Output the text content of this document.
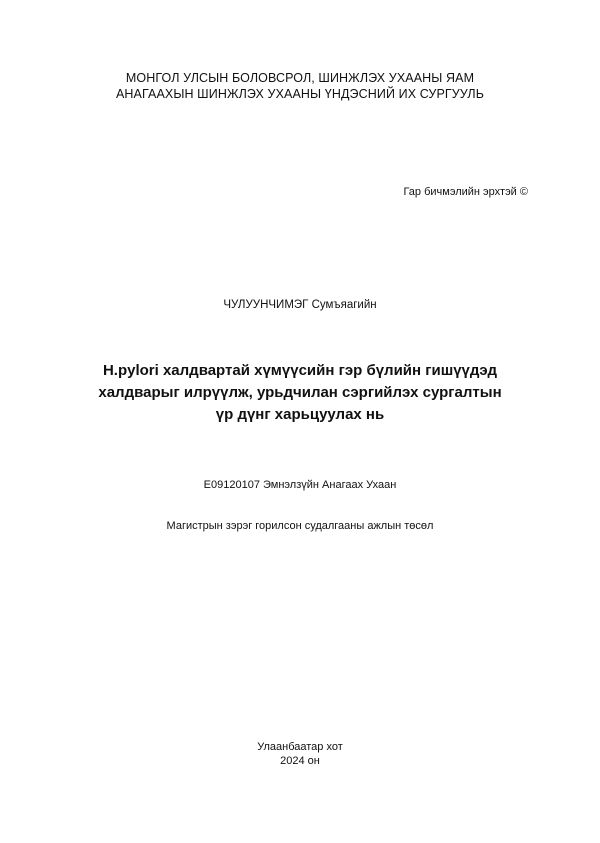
МОНГОЛ УЛСЫН БОЛОВСРОЛ, ШИНЖЛЭХ УХААНЫ ЯАМ
АНАГААХЫН ШИНЖЛЭХ УХААНЫ ҮНДЭСНИЙ ИХ СУРГУУЛЬ
Гар бичмэлийн эрхтэй ©
ЧУЛУУНЧИМЭГ Сумъяагийн
H.pylori халдвартай хүмүүсийн гэр бүлийн гишүүдэд
халдварыг илрүүлж, урьдчилан сэргийлэх сургалтын
үр дүнг харьцуулах нь
E09120107 Эмнэлзүйн Анагаах Ухаан
Магистрын зэрэг горилсон судалгааны ажлын төсөл
Улаанбаатар хот
2024 он
